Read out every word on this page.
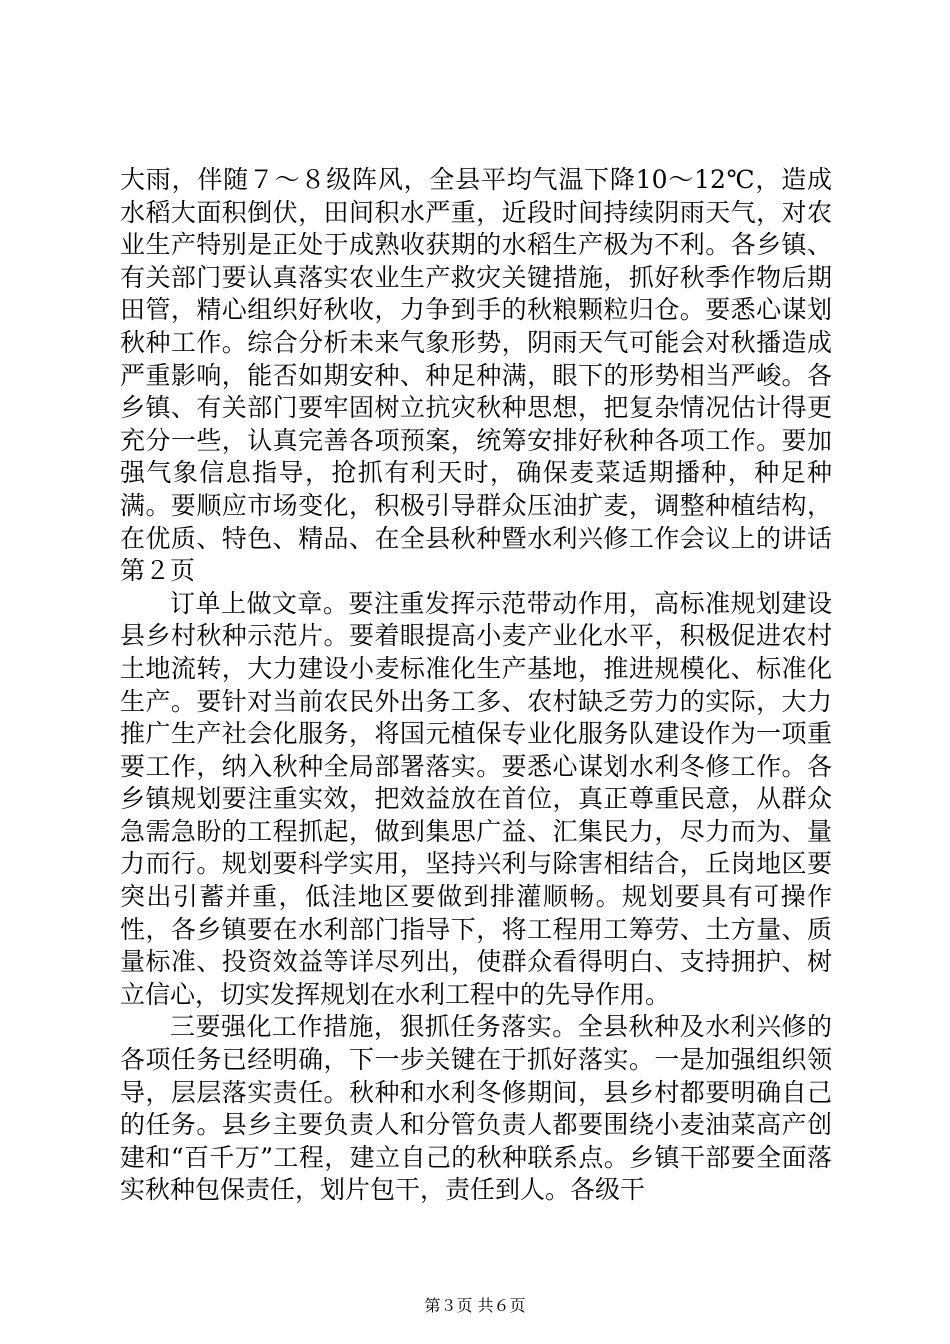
大雨，伴随７～８级阵风，全县平均气温下降10～12℃，造成水稻大面积倒伏，田间积水严重，近段时间持续阴雨天气，对农业生产特别是正处于成熟收获期的水稻生产极为不利。各乡镇、有关部门要认真落实农业生产救灾关键措施，抓好秋季作物后期田管，精心组织好秋收，力争到手的秋粮颗粒归仓。要悉心谋划秋种工作。综合分析未来气象形势，阴雨天气可能会对秋播造成严重影响，能否如期安种、种足种满，眼下的形势相当严峻。各乡镇、有关部门要牢固树立抗灾秋种思想，把复杂情况估计得更充分一些，认真完善各项预案，统筹安排好秋种各项工作。要加强气象信息指导，抢抓有利天时，确保麦菜适期播种，种足种满。要顺应市场变化，积极引导群众压油扩麦，调整种植结构，在优质、特色、精品、在全县秋种暨水利兴修工作会议上的讲话第２页

订单上做文章。要注重发挥示范带动作用，高标准规划建设县乡村秋种示范片。要着眼提高小麦产业化水平，积极促进农村土地流转，大力建设小麦标准化生产基地，推进规模化、标准化生产。要针对当前农民外出务工多、农村缺乏劳力的实际，大力推广生产社会化服务，将国元植保专业化服务队建设作为一项重要工作，纳入秋种全局部署落实。要悉心谋划水利冬修工作。各乡镇规划要注重实效，把效益放在首位，真正尊重民意，从群众急需急盼的工程抓起，做到集思广益、汇集民力，尽力而为、量力而行。规划要科学实用，坚持兴利与除害相结合，丘岗地区要突出引蓄并重，低洼地区要做到排灌顺畅。规划要具有可操作性，各乡镇要在水利部门指导下，将工程用工筹劳、土方量、质量标准、投资效益等详尽列出，使群众看得明白、支持拥护、树立信心，切实发挥规划在水利工程中的先导作用。

三要强化工作措施，狠抓任务落实。全县秋种及水利兴修的各项任务已经明确，下一步关键在于抓好落实。一是加强组织领导，层层落实责任。秋种和水利冬修期间，县乡村都要明确自己的任务。县乡主要负责人和分管负责人都要围绕小麦油菜高产创建和“百千万”工程，建立自己的秋种联系点。乡镇干部要全面落实秋种包保责任，划片包干，责任到人。各级干

第３页 共６页
